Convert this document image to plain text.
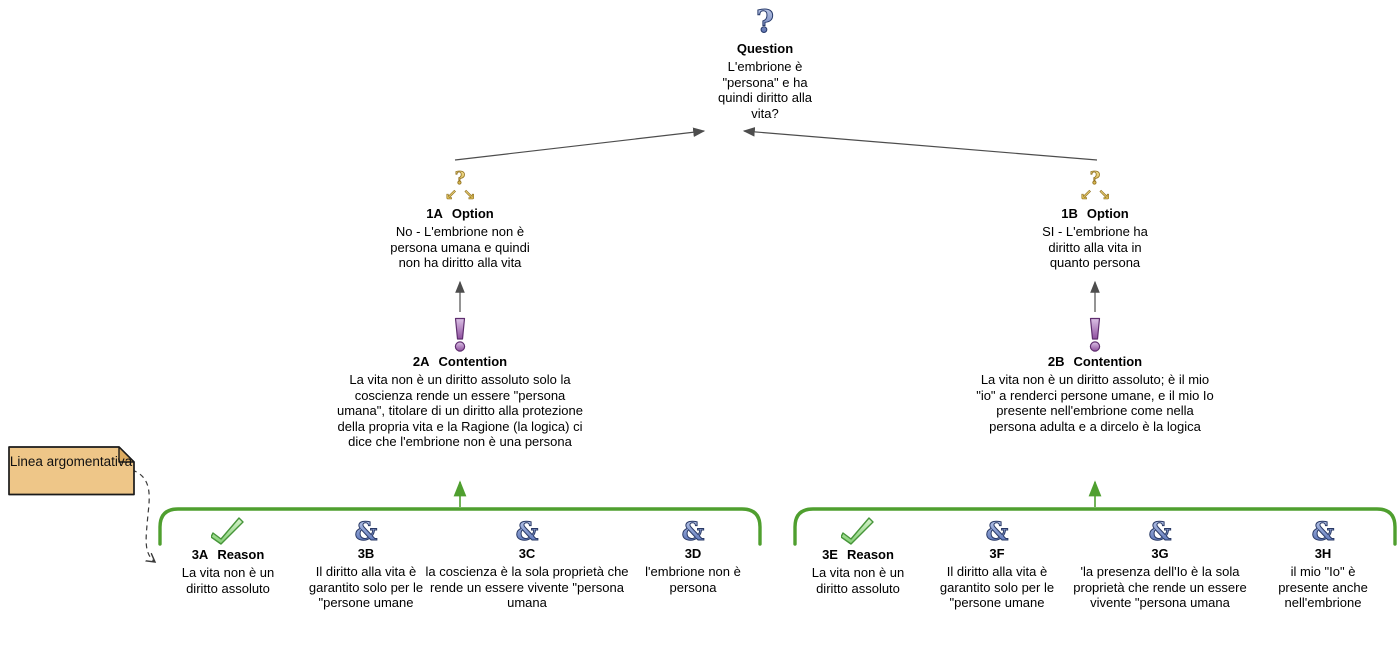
?
Question
L'embrione è "persona" e ha quindi diritto alla vita?
?
↙ ↘
1A Option
No - L'embrione non è persona umana e quindi non ha diritto alla vita
?
↙ ↘
1B Option
SI - L'embrione ha diritto alla vita in quanto persona
2A Contention
La vita non è un diritto assoluto solo la coscienza rende un essere "persona umana", titolare di un diritto alla protezione della propria vita e la Ragione (la logica) ci dice che l'embrione non è una persona
2B Contention
La vita non è un diritto assoluto; è il mio "io" a renderci persone umane, e il mio Io presente nell'embrione come nella persona adulta e a dircelo è la logica
3A Reason
La vita non è un diritto assoluto
&
3B
Il diritto alla vita è garantito solo per le "persone umane
&
3C
la coscienza è la sola proprietà che rende un essere vivente "persona umana
&
3D
l'embrione non è persona
3E Reason
La vita non è un diritto assoluto
&
3F
Il diritto alla vita è garantito solo per le "persone umane
&
3G
'la presenza dell'Io è la sola proprietà che rende un essere vivente "persona umana
&
3H
il mio "Io" è presente anche nell'embrione
Linea argomentativa
